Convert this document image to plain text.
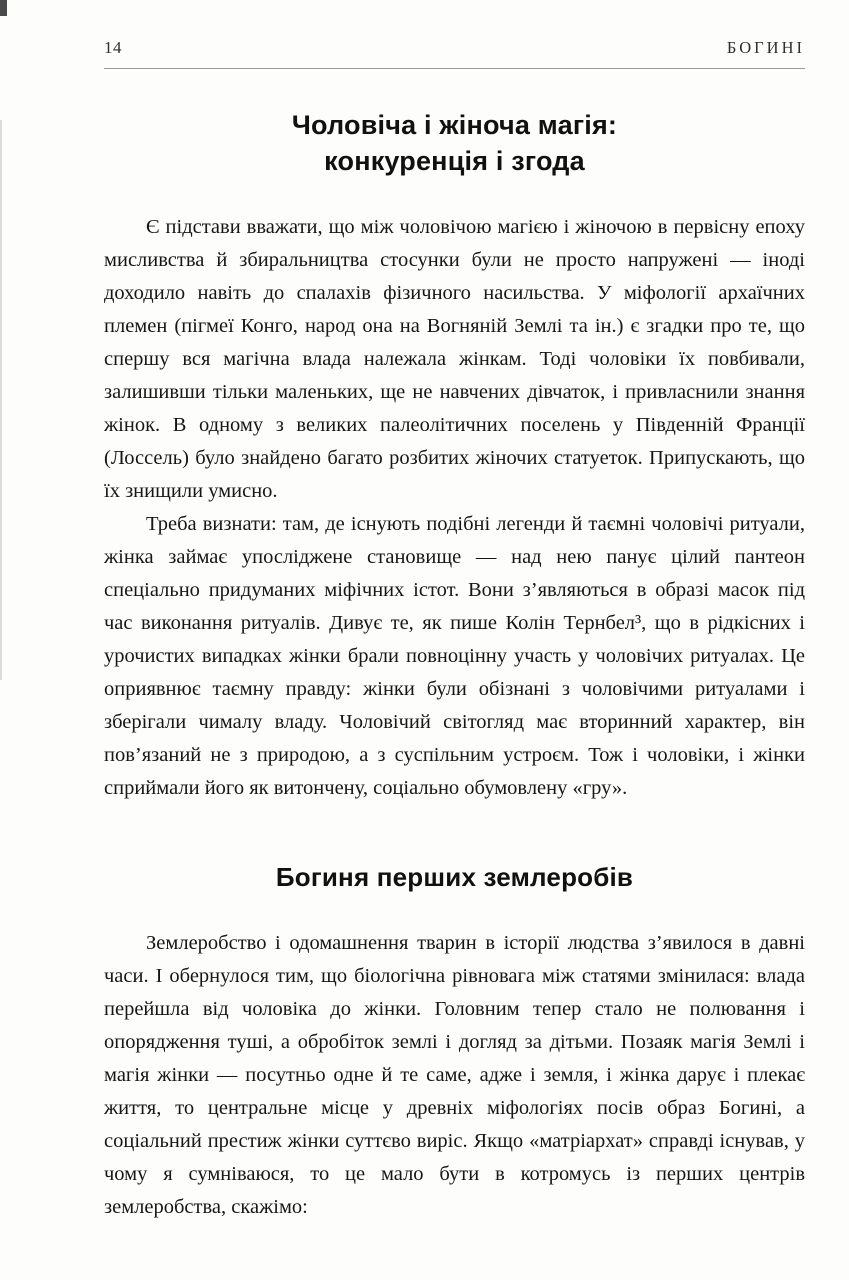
14	БОГИНІ
Чоловіча і жіноча магія:
конкуренція і згода

Є підстави вважати, що між чоловічою магією і жіночою в первісну епоху мисливства й збиральництва стосунки були не просто напружені — іноді доходило навіть до спалахів фізичного насильства. У міфології архаїчних племен (пігмеї Конго, народ она на Вогняній Землі та ін.) є згадки про те, що спершу вся магічна влада належала жінкам. Тоді чоловіки їх повбивали, залишивши тільки маленьких, ще не навчених дівчаток, і привласнили знання жінок. В одному з великих палеолітичних поселень у Південній Франції (Лоссель) було знайдено багато розбитих жіночих статуеток. Припускають, що їх знищили умисно.

Треба визнати: там, де існують подібні легенди й таємні чоловічі ритуали, жінка займає упосліджене становище — над нею панує цілий пантеон спеціально придуманих міфічних істот. Вони з’являються в образі масок під час виконання ритуалів. Дивує те, як пише Колін Тернбел³, що в рідкісних і урочистих випадках жінки брали повноцінну участь у чоловічих ритуалах. Це оприявнює таємну правду: жінки були обізнані з чоловічими ритуалами і зберігали чималу владу. Чоловічий світогляд має вторинний характер, він пов’язаний не з природою, а з суспільним устроєм. Тож і чоловіки, і жінки сприймали його як витончену, соціально обумовлену «гру».

Богиня перших землеробів

Землеробство і одомашнення тварин в історії людства з’явилося в давні часи. І обернулося тим, що біологічна рівновага між статями змінилася: влада перейшла від чоловіка до жінки. Головним тепер стало не полювання і опорядження туші, а обробіток землі і догляд за дітьми. Позаяк магія Землі і магія жінки — посутньо одне й те саме, адже і земля, і жінка дарує і плекає життя, то центральне місце у древніх міфологіях посів образ Богині, а соціальний престиж жінки суттєво виріс. Якщо «матріархат» справді існував, у чому я сумніваюся, то це мало бути в котромусь із перших центрів землеробства, скажімо:
